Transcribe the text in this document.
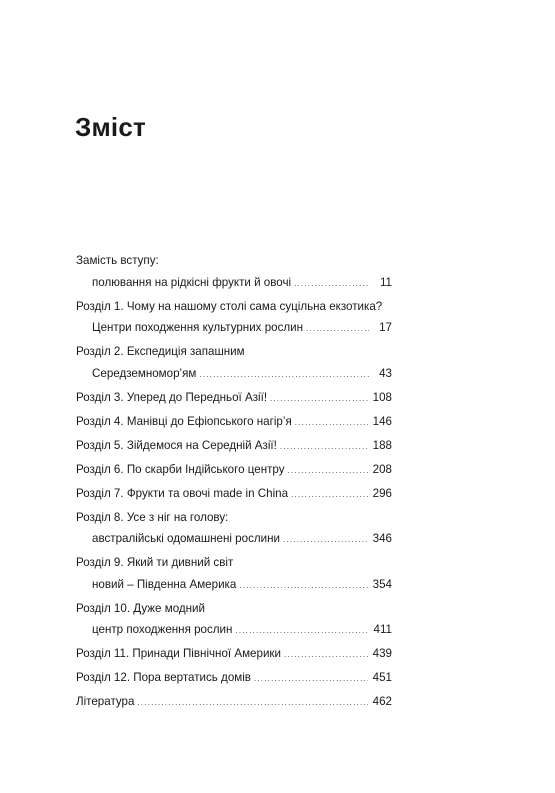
Зміст
Замість вступу:
полювання на рідкісні фрукти й овочі .....	11
Розділ 1. Чому на нашому столі сама суцільна екзотика?
Центри походження культурних рослин .....	17
Розділ 2. Експедиція запашним
Середземномор’ям .....	43
Розділ 3. Уперед до Передньої Азії! .....	108
Розділ 4. Манівці до Ефіопського нагір’я .....	146
Розділ 5. Зійдемося на Середній Азії! .....	188
Розділ 6. По скарби Індійського центру .....	208
Розділ 7. Фрукти та овочі made in China .....	296
Розділ 8. Усе з ніг на голову:
австралійські одомашнені рослини .....	346
Розділ 9. Який ти дивний світ
новий – Південна Америка .....	354
Розділ 10. Дуже модний
центр походження рослин .....	411
Розділ 11. Принади Північної Америки .....	439
Розділ 12. Пора вертатись домів .....	451
Література .....	462
